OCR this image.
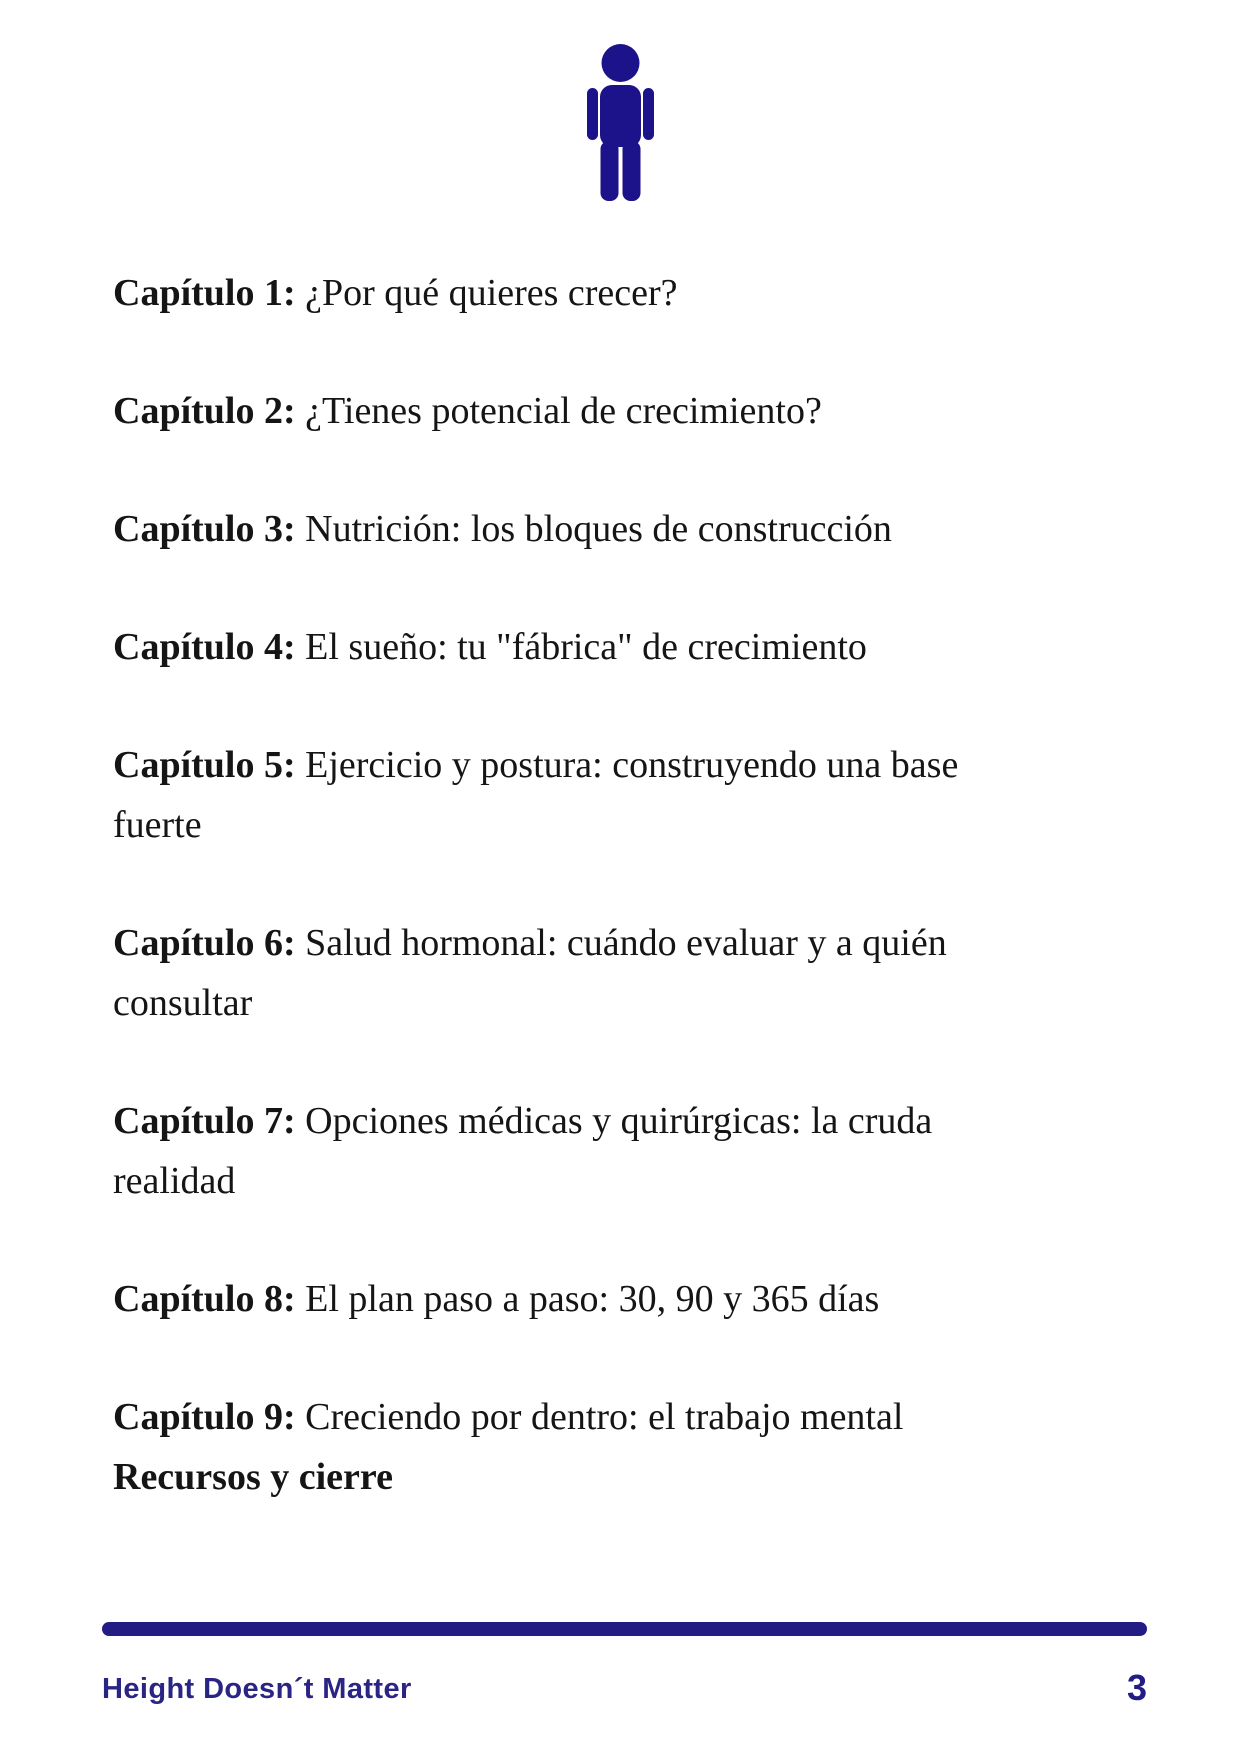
Capítulo 1: ¿Por qué quieres crecer?

Capítulo 2: ¿Tienes potencial de crecimiento?

Capítulo 3: Nutrición: los bloques de construcción

Capítulo 4: El sueño: tu "fábrica" de crecimiento

Capítulo 5: Ejercicio y postura: construyendo una base
fuerte

Capítulo 6: Salud hormonal: cuándo evaluar y a quién
consultar

Capítulo 7: Opciones médicas y quirúrgicas: la cruda
realidad

Capítulo 8: El plan paso a paso: 30, 90 y 365 días

Capítulo 9: Creciendo por dentro: el trabajo mental

Recursos y cierre

Height Doesn´t Matter	3
